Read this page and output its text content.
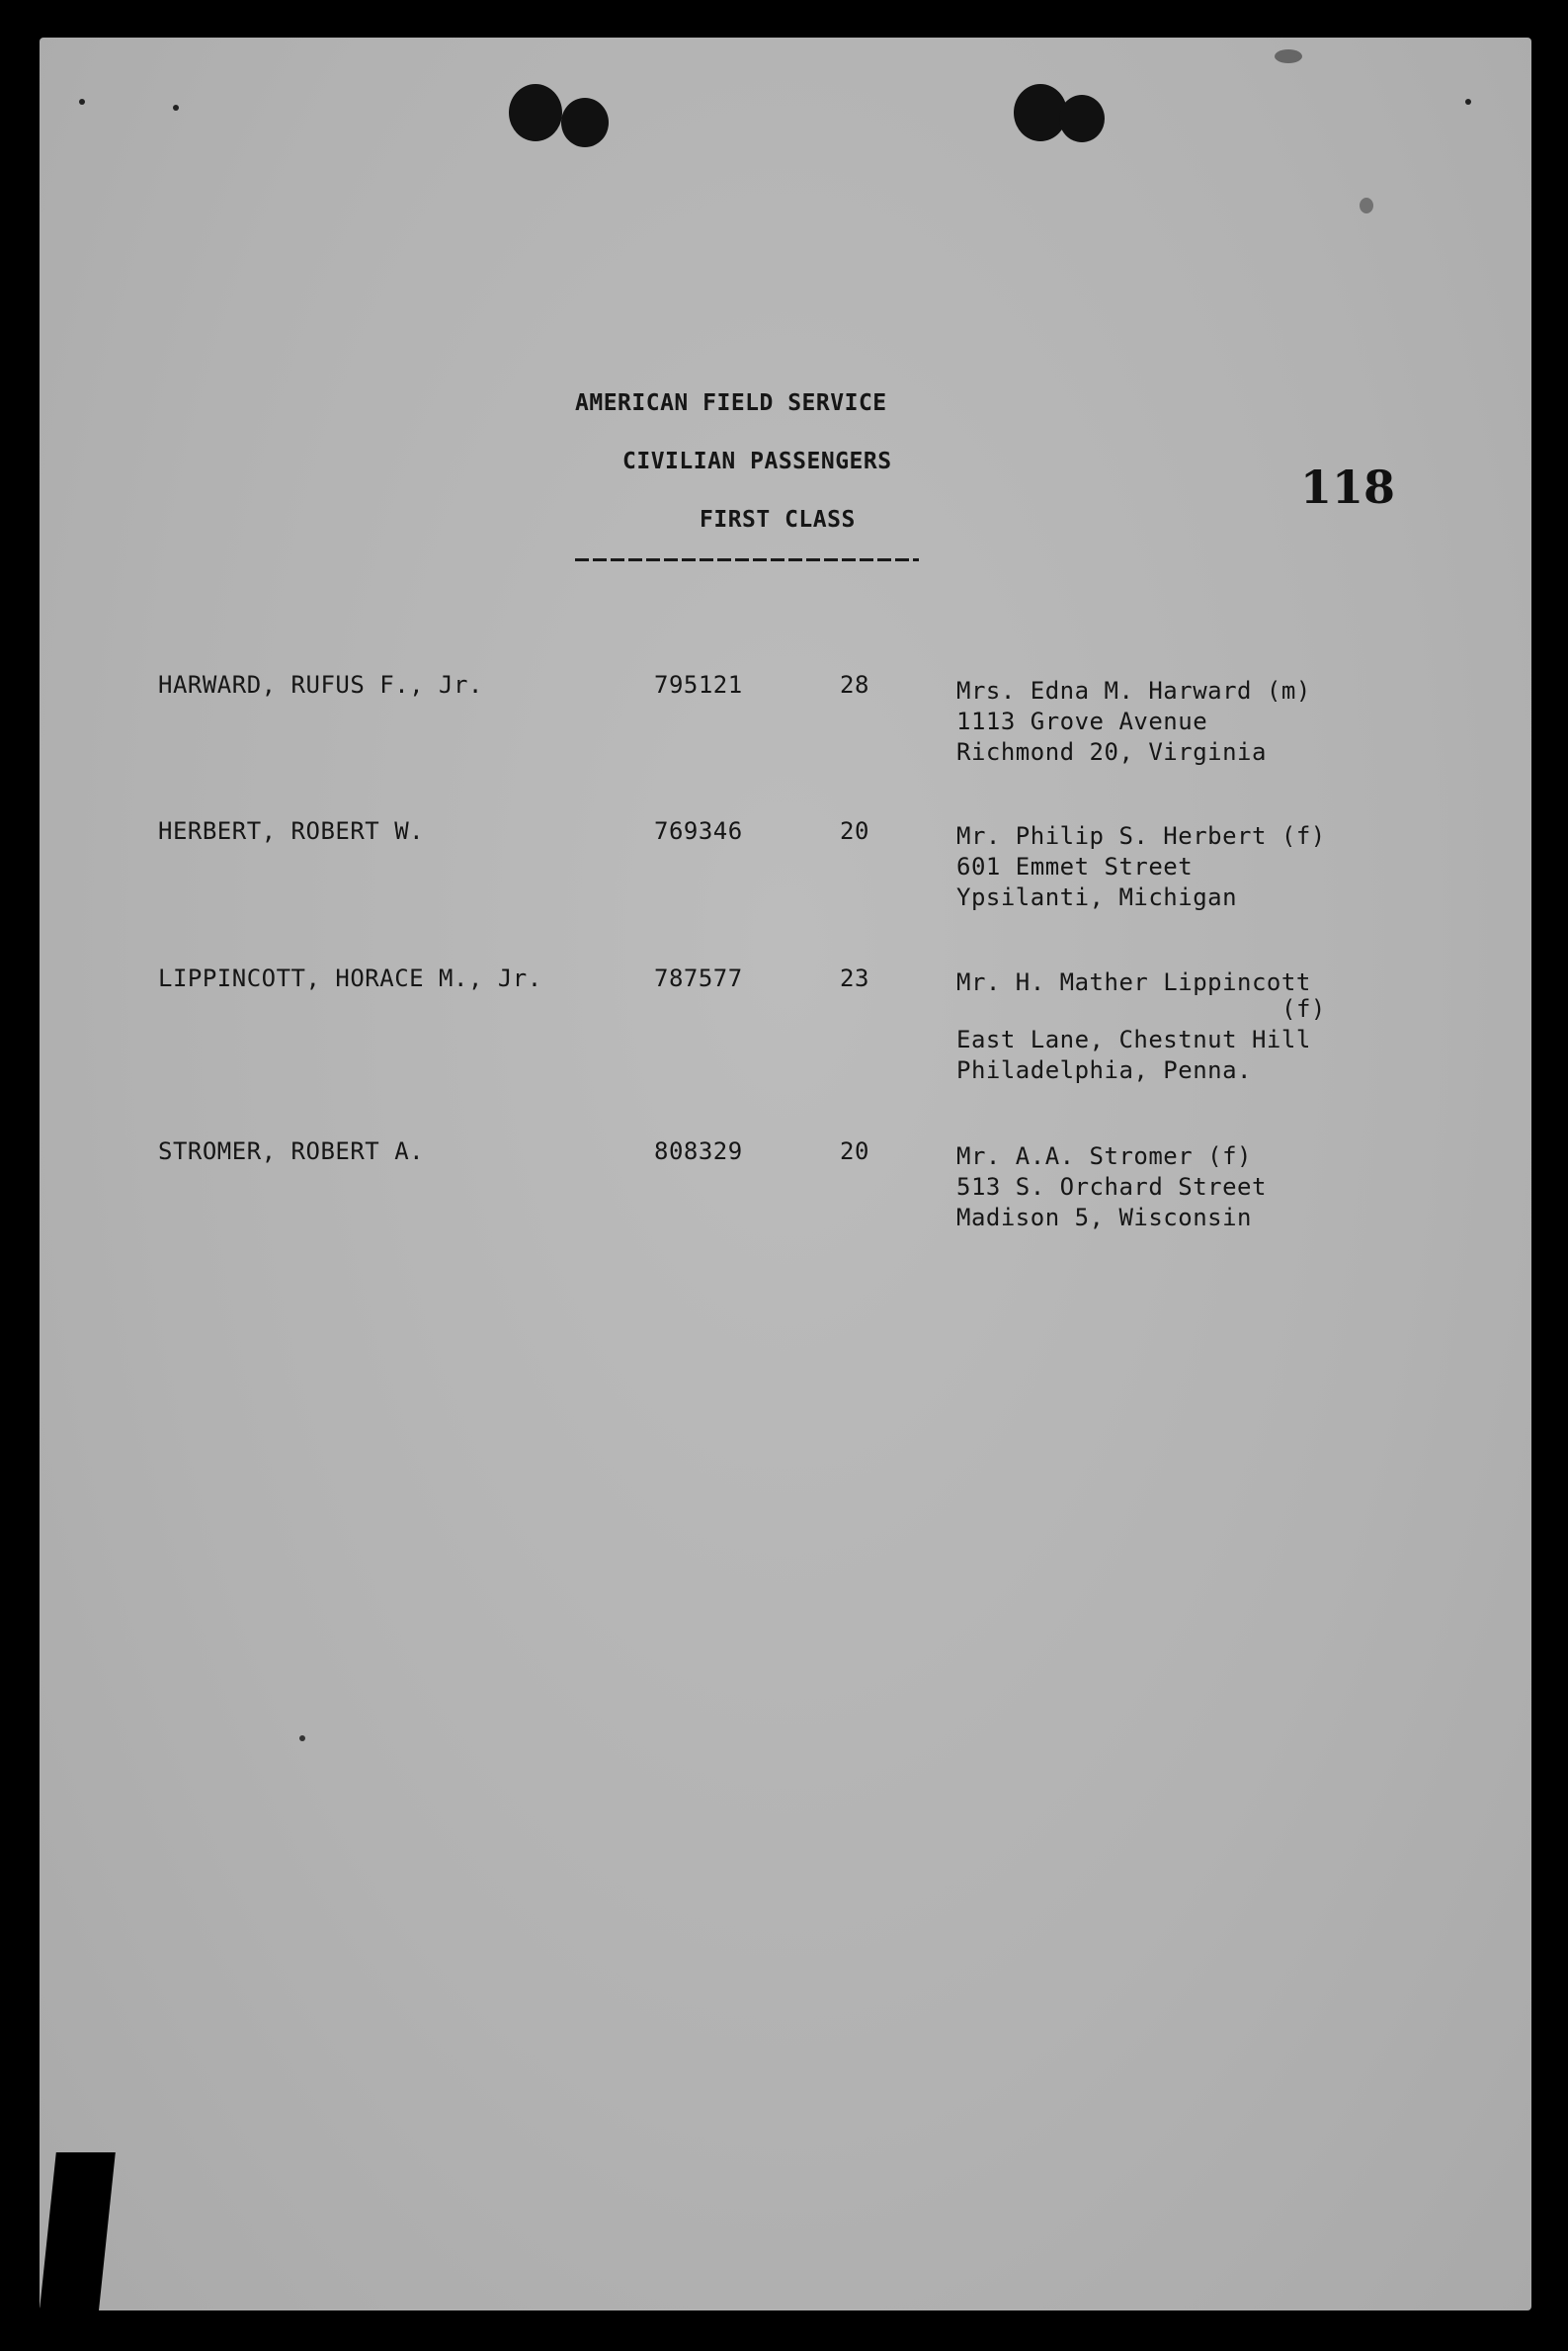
AMERICAN FIELD SERVICE
CIVILIAN PASSENGERS
FIRST CLASS
118
HARWARD, RUFUS F., Jr.	795121	28	Mrs. Edna M. Harward (m)
1113 Grove Avenue
Richmond 20, Virginia
HERBERT, ROBERT W.	769346	20	Mr. Philip S. Herbert (f)
601 Emmet Street
Ypsilanti, Michigan
LIPPINCOTT, HORACE M., Jr.	787577	23	Mr. H. Mather Lippincott
(f)
East Lane, Chestnut Hill
Philadelphia, Penna.
STROMER, ROBERT A.	808329	20	Mr. A.A. Stromer (f)
513 S. Orchard Street
Madison 5, Wisconsin
